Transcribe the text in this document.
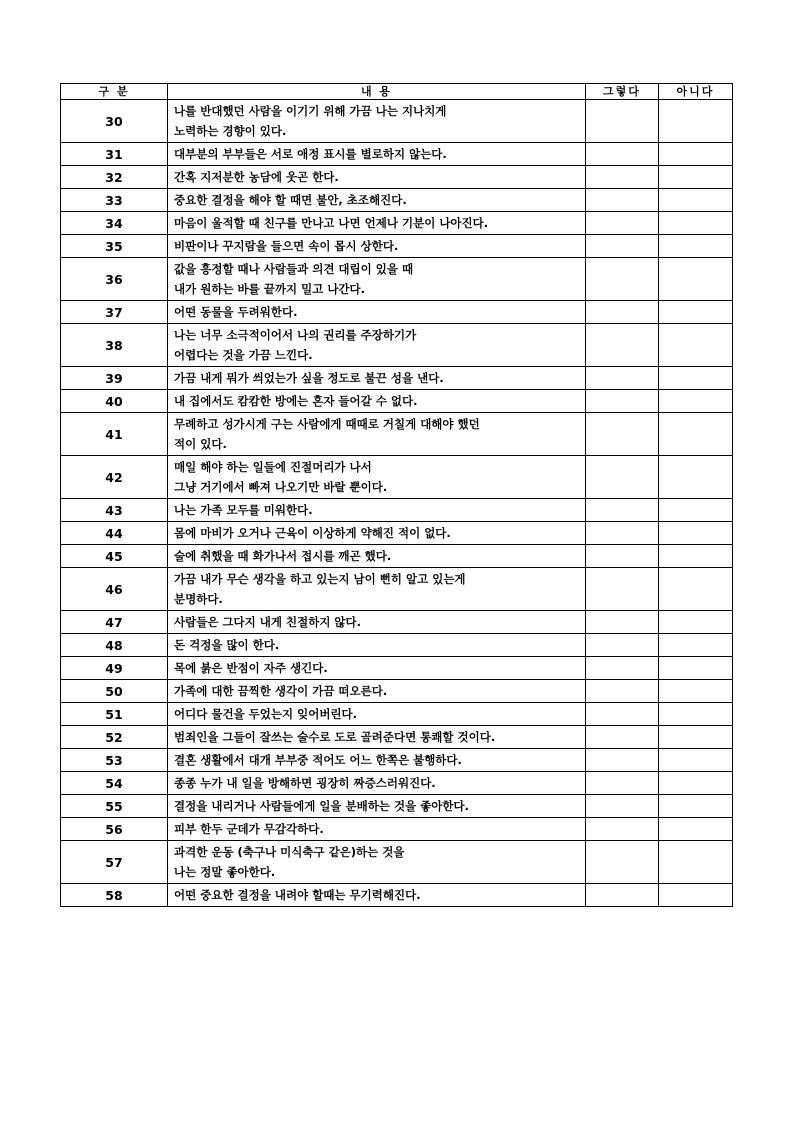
구 분	내 용	그렇다	아니다
30	나를 반대했던 사람을 이기기 위해 가끔 나는 지나치게
노력하는 경향이 있다.		

31	대부분의 부부들은 서로 애정 표시를 별로하지 않는다.		

32	간혹 지저분한 농담에 웃곤 한다.		

33	중요한 결정을 해야 할 때면 불안, 초조해진다.		

34	마음이 울적할 때 친구를 만나고 나면 언제나 기분이 나아진다.		

35	비판이나 꾸지람을 들으면 속이 몹시 상한다.		

36	값을 흥정할 때나 사람들과 의견 대립이 있을 때
내가 원하는 바를 끝까지 밀고 나간다.		

37	어떤 동물을 두려워한다.		

38	나는 너무 소극적이어서 나의 권리를 주장하기가
어렵다는 것을 가끔 느낀다.		

39	가끔 내게 뭐가 씌었는가 싶을 정도로 불끈 성을 낸다.		

40	내 집에서도 캄캄한 방에는 혼자 들어갈 수 없다.		

41	무례하고 성가시게 구는 사람에게 때때로 거칠게 대해야 했던
적이 있다.		

42	매일 해야 하는 일들에 진절머리가 나서
그냥 거기에서 빠져 나오기만 바랄 뿐이다.		

43	나는 가족 모두를 미워한다.		

44	몸에 마비가 오거나 근육이 이상하게 약해진 적이 없다.		

45	술에 취했을 때 화가나서 접시를 깨곤 했다.		

46	가끔 내가 무슨 생각을 하고 있는지 남이 뻔히 알고 있는게
분명하다.		

47	사람들은 그다지 내게 친절하지 않다.		

48	돈 걱정을 많이 한다.		

49	목에 붉은 반점이 자주 생긴다.		

50	가족에 대한 끔찍한 생각이 가끔 떠오른다.		

51	어디다 물건을 두었는지 잊어버린다.		

52	범죄인을 그들이 잘쓰는 술수로 도로 골려준다면 통쾌할 것이다.		

53	결혼 생활에서 대개 부부중 적어도 어느 한쪽은 불행하다.		

54	종종 누가 내 일을 방해하면 굉장히 짜증스러워진다.		

55	결정을 내리거나 사람들에게 일을 분배하는 것을 좋아한다.		

56	피부 한두 군데가 무감각하다.		

57	과격한 운동 (축구나 미식축구 같은)하는 것을
나는 정말 좋아한다.		

58	어떤 중요한 결정을 내려야 할때는 무기력해진다.		
